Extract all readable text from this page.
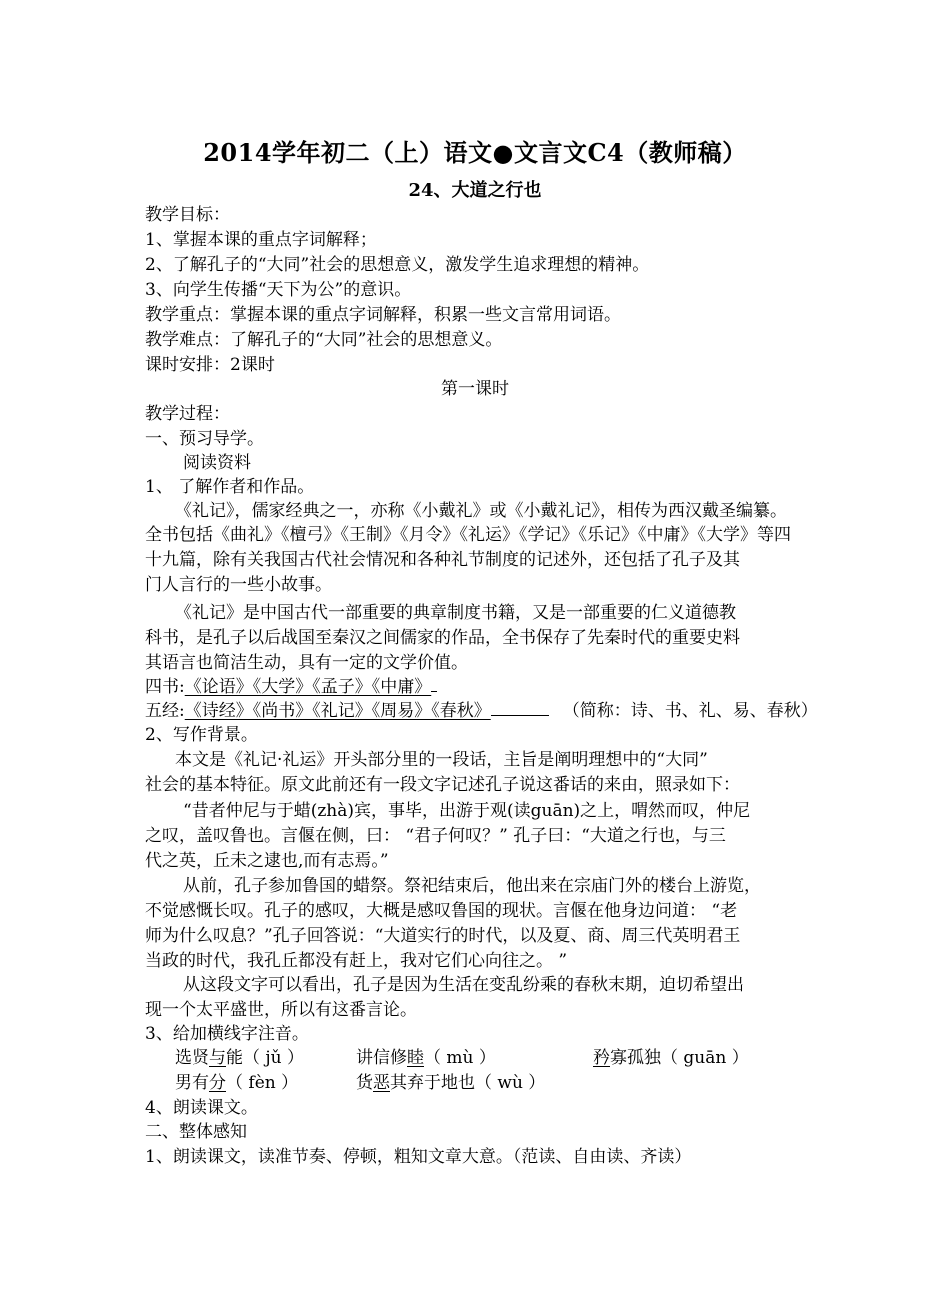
2014学年初二（上）语文●文言文C4（教师稿）
24、大道之行也
教学目标：
1、掌握本课的重点字词解释；
2、了解孔子的“大同”社会的思想意义，激发学生追求理想的精神。
3、向学生传播“天下为公”的意识。
教学重点：掌握本课的重点字词解释，积累一些文言常用词语。
教学难点：了解孔子的“大同”社会的思想意义。
课时安排：2课时
第一课时
教学过程：
一、预习导学。
阅读资料
1、 了解作者和作品。
《礼记》，儒家经典之一，亦称《小戴礼》或《小戴礼记》，相传为西汉戴圣编纂。
全书包括《曲礼》《檀弓》《王制》《月令》《礼运》《学记》《乐记》《中庸》《大学》等四
十九篇，除有关我国古代社会情况和各种礼节制度的记述外，还包括了孔子及其
门人言行的一些小故事。
《礼记》是中国古代一部重要的典章制度书籍，又是一部重要的仁义道德教
科书，是孔子以后战国至秦汉之间儒家的作品，全书保存了先秦时代的重要史料
其语言也简洁生动，具有一定的文学价值。
四书:《论语》《大学》《孟子》《中庸》
五经:《诗经》《尚书》《礼记》《周易》《春秋》	（简称：诗、书、礼、易、春秋）
2、写作背景。
本文是《礼记·礼运》开头部分里的一段话，主旨是阐明理想中的“大同”
社会的基本特征。原文此前还有一段文字记述孔子说这番话的来由，照录如下：
“昔者仲尼与于蜡(zhà)宾，事毕，出游于观(读guān)之上，喟然而叹，仲尼
之叹，盖叹鲁也。言偃在侧，曰： “君子何叹？” 孔子曰：“大道之行也，与三
代之英，丘未之逮也,而有志焉。”
从前，孔子参加鲁国的蜡祭。祭祀结束后，他出来在宗庙门外的楼台上游览，
不觉感慨长叹。孔子的感叹，大概是感叹鲁国的现状。言偃在他身边问道： “老
师为什么叹息？”孔子回答说：“大道实行的时代，以及夏、商、周三代英明君王
当政的时代，我孔丘都没有赶上，我对它们心向往之。 ”
从这段文字可以看出，孔子是因为生活在变乱纷乘的春秋末期，迫切希望出
现一个太平盛世，所以有这番言论。
3、给加横线字注音。
选贤与能（ jǔ ）	讲信修睦（ mù ）	矜寡孤独（ guān ）
男有分（ fèn ）	货恶其弃于地也（ wù ）
4、朗读课文。
二、整体感知
1、朗读课文，读准节奏、停顿，粗知文章大意。（范读、自由读、齐读）
